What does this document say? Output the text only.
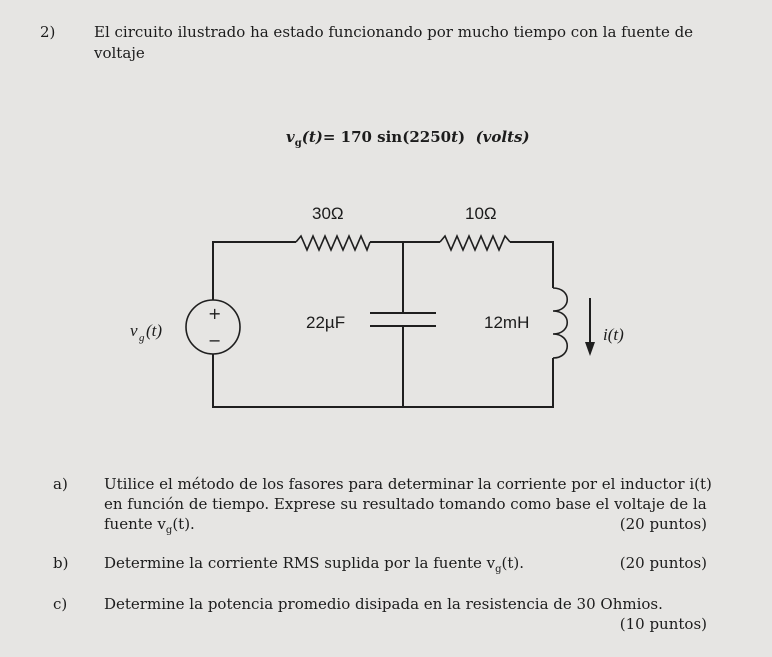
2)	El circuito ilustrado ha estado funcionando por mucho tiempo con la fuente de
voltaje
$v_g(t)= 170$ sin(2250t) (volts)
30Ω	10Ω
22µF	12mH
+
−
v g (t)	i(t)
a) Utilice el método de los fasores para determinar la corriente por el inductor i(t)
en función de tiempo. Exprese su resultado tomando como base el voltaje de la
fuente $v_g(t)$.	(20 puntos)
b) Determine la corriente RMS suplida por la fuente $v_g(t)$.	(20 puntos)
c) Determine la potencia promedio disipada en la resistencia de 30 Ohmios.
(10 puntos)
